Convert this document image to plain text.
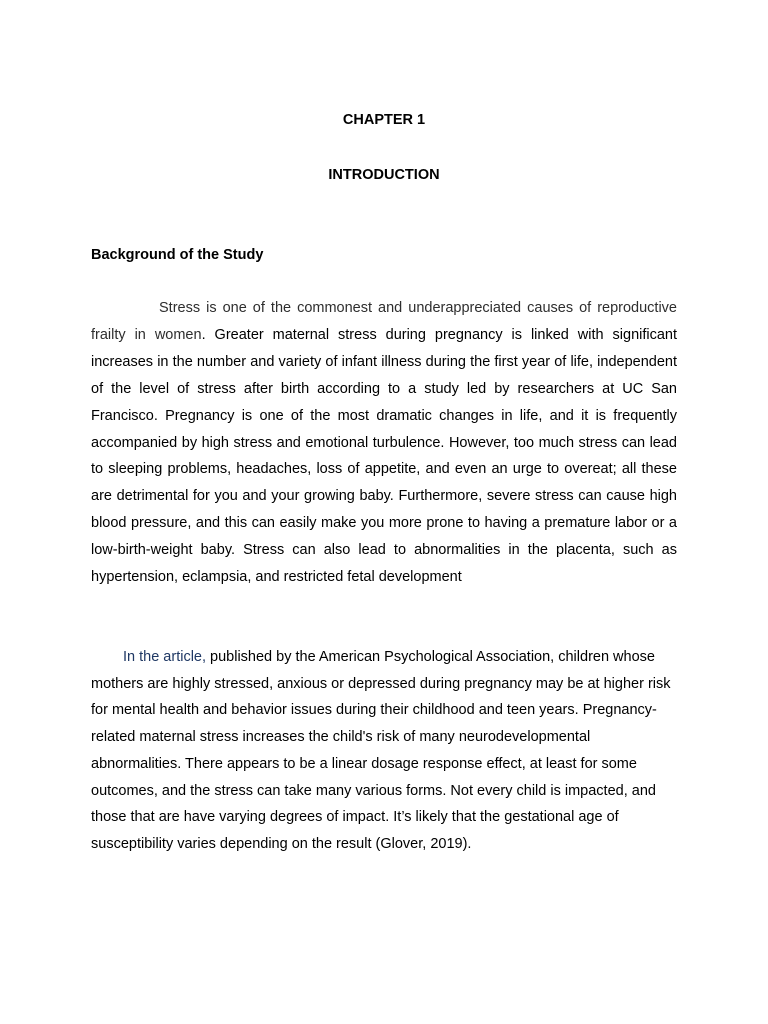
CHAPTER 1
INTRODUCTION
Background of the Study

Stress is one of the commonest and underappreciated causes of reproductive frailty in women. Greater maternal stress during pregnancy is linked with significant increases in the number and variety of infant illness during the first year of life, independent of the level of stress after birth according to a study led by researchers at UC San Francisco. Pregnancy is one of the most dramatic changes in life, and it is frequently accompanied by high stress and emotional turbulence. However, too much stress can lead to sleeping problems, headaches, loss of appetite, and even an urge to overeat; all these are detrimental for you and your growing baby. Furthermore, severe stress can cause high blood pressure, and this can easily make you more prone to having a premature labor or a low-birth-weight baby. Stress can also lead to abnormalities in the placenta, such as hypertension, eclampsia, and restricted fetal development

In the article, published by the American Psychological Association, children whose mothers are highly stressed, anxious or depressed during pregnancy may be at higher risk for mental health and behavior issues during their childhood and teen years. Pregnancy-related maternal stress increases the child's risk of many neurodevelopmental abnormalities. There appears to be a linear dosage response effect, at least for some outcomes, and the stress can take many various forms. Not every child is impacted, and those that are have varying degrees of impact. It’s likely that the gestational age of susceptibility varies depending on the result (Glover, 2019).
